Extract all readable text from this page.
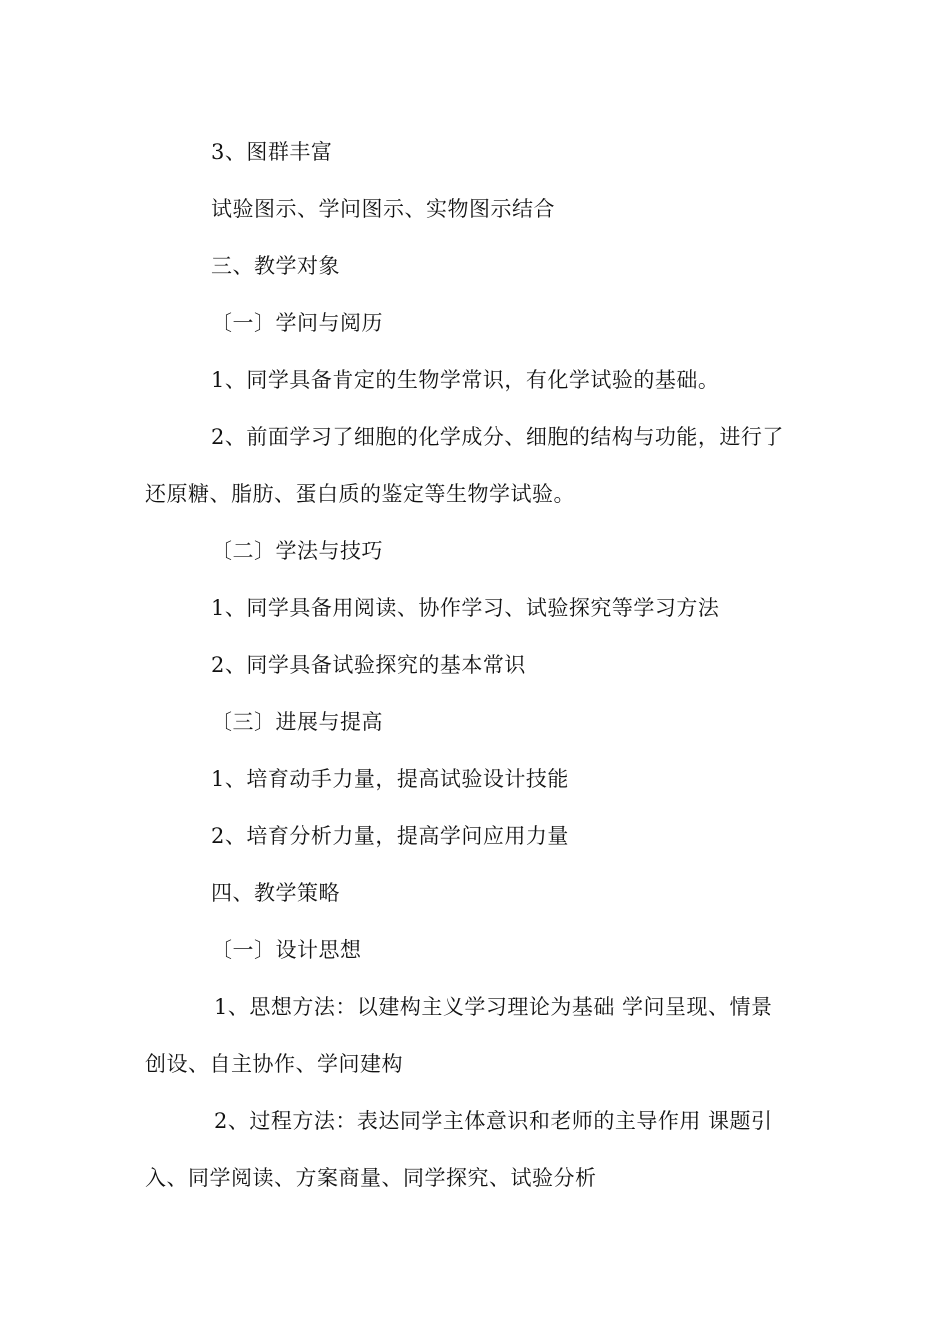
3、图群丰富
试验图示、学问图示、实物图示结合
三、教学对象
〔一〕学问与阅历
1、同学具备肯定的生物学常识，有化学试验的基础。
2、前面学习了细胞的化学成分、细胞的结构与功能，进行了
还原糖、脂肪、蛋白质的鉴定等生物学试验。
〔二〕学法与技巧
1、同学具备用阅读、协作学习、试验探究等学习方法
2、同学具备试验探究的基本常识
〔三〕进展与提高
1、培育动手力量，提高试验设计技能
2、培育分析力量，提高学问应用力量
四、教学策略
〔一〕设计思想
1、思想方法：以建构主义学习理论为基础 学问呈现、情景
创设、自主协作、学问建构
2、过程方法：表达同学主体意识和老师的主导作用 课题引
入、同学阅读、方案商量、同学探究、试验分析
